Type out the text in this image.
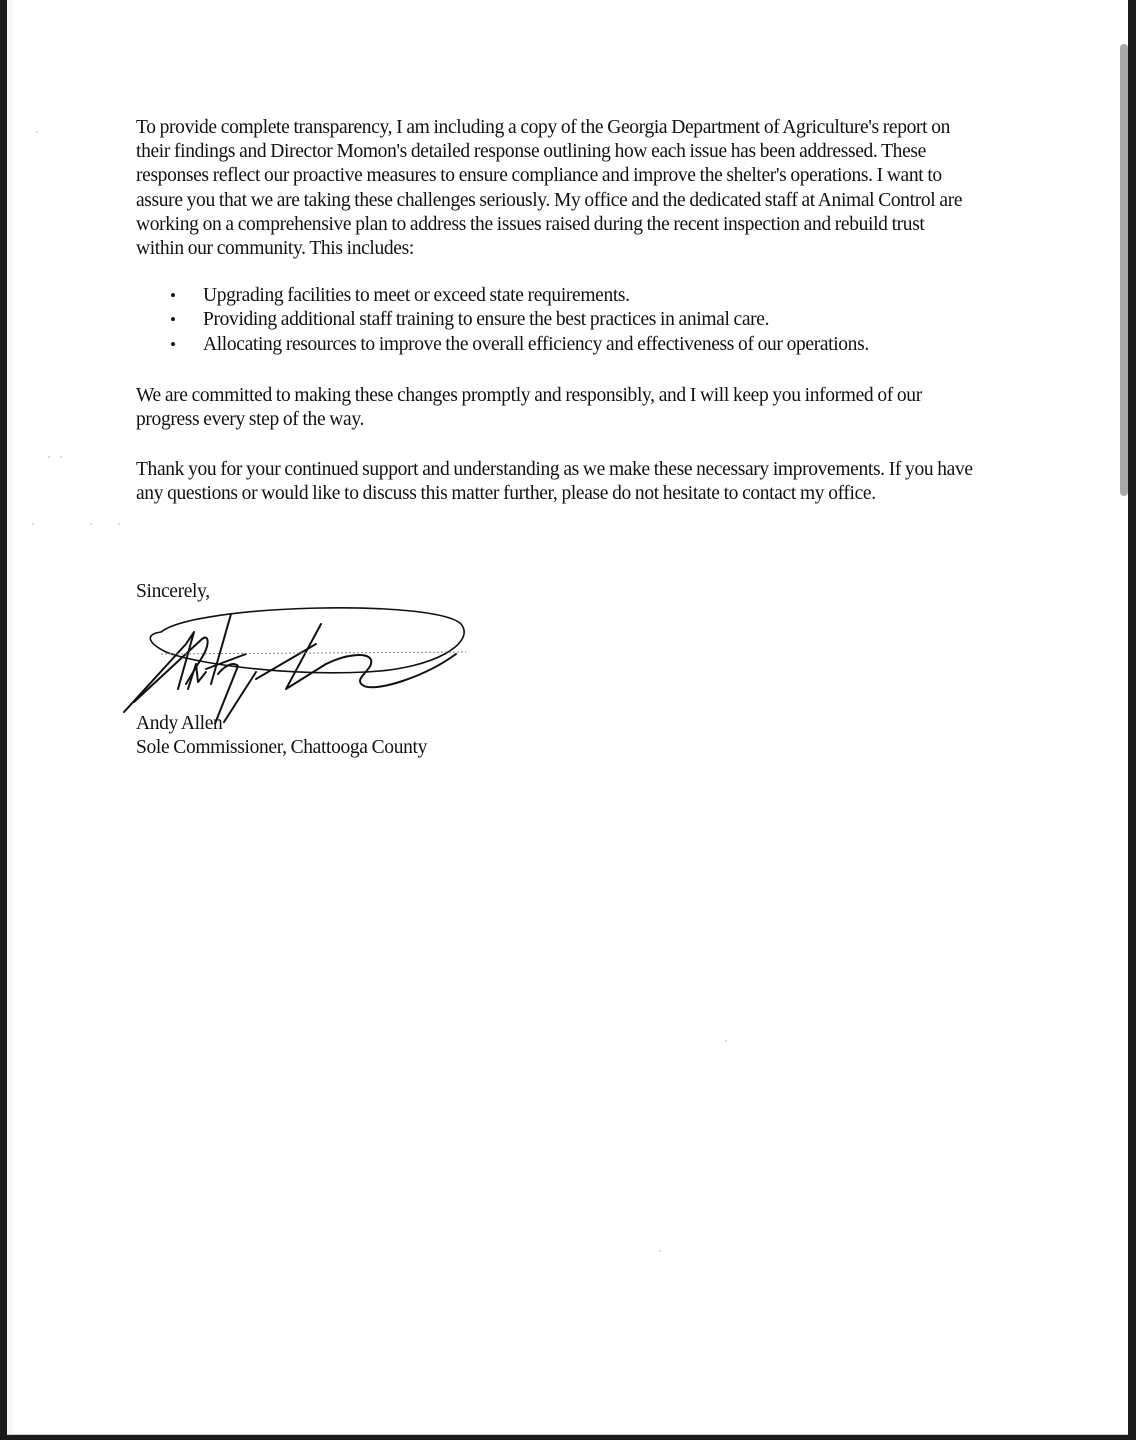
To provide complete transparency, I am including a copy of the Georgia Department of Agriculture's report on their findings and Director Momon's detailed response outlining how each issue has been addressed. These responses reflect our proactive measures to ensure compliance and improve the shelter's operations. I want to assure you that we are taking these challenges seriously. My office and the dedicated staff at Animal Control are working on a comprehensive plan to address the issues raised during the recent inspection and rebuild trust within our community. This includes:

• Upgrading facilities to meet or exceed state requirements.
• Providing additional staff training to ensure the best practices in animal care.
• Allocating resources to improve the overall efficiency and effectiveness of our operations.

We are committed to making these changes promptly and responsibly, and I will keep you informed of our progress every step of the way.

Thank you for your continued support and understanding as we make these necessary improvements. If you have any questions or would like to discuss this matter further, please do not hesitate to contact my office.

Sincerely,

Andy Allen

Sole Commissioner, Chattooga County
